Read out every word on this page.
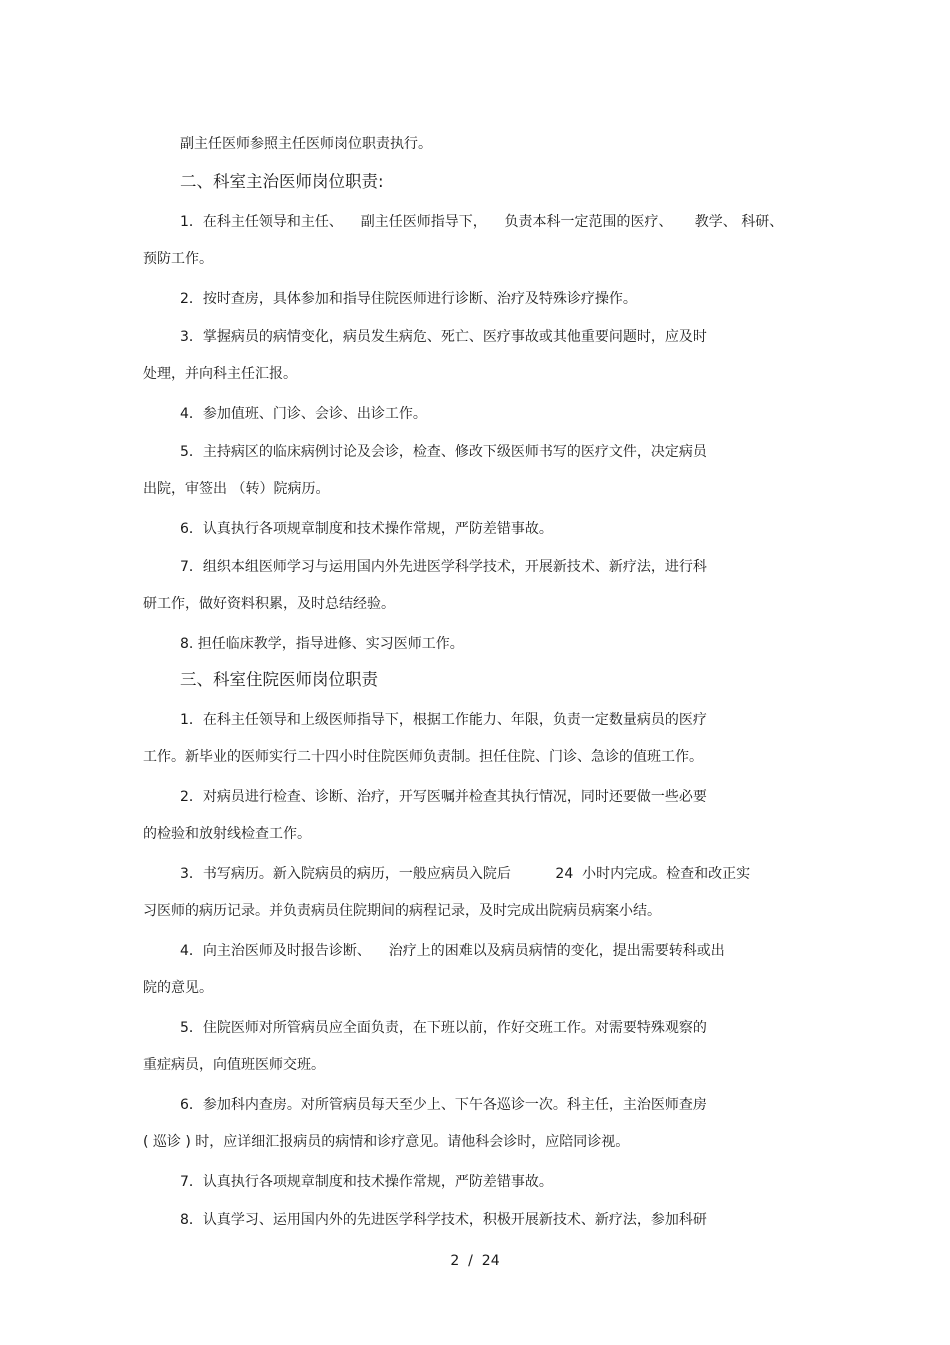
副主任医师参照主任医师岗位职责执行。
二、科室主治医师岗位职责:
1．在科主任领导和主任、    副主任医师指导下，    负责本科一定范围的医疗、     教学、 科研、
预防工作。
2．按时查房，具体参加和指导住院医师进行诊断、治疗及特殊诊疗操作。
3．掌握病员的病情变化，病员发生病危、死亡、医疗事故或其他重要问题时，应及时
处理，并向科主任汇报。
4．参加值班、门诊、会诊、出诊工作。
5．主持病区的临床病例讨论及会诊，检查、修改下级医师书写的医疗文件，决定病员
出院，审签出 （转）院病历。
6．认真执行各项规章制度和技术操作常规，严防差错事故。
7．组织本组医师学习与运用国内外先进医学科学技术，开展新技术、新疗法，进行科
研工作，做好资料积累，及时总结经验。
8. 担任临床教学，指导进修、实习医师工作。
三、科室住院医师岗位职责
1．在科主任领导和上级医师指导下，根据工作能力、年限，负责一定数量病员的医疗
工作。新毕业的医师实行二十四小时住院医师负责制。担任住院、门诊、急诊的值班工作。
2．对病员进行检查、诊断、治疗，开写医嘱并检查其执行情况，同时还要做一些必要
的检验和放射线检查工作。
3．书写病历。新入院病员的病历，一般应病员入院后          24  小时内完成。检查和改正实
习医师的病历记录。并负责病员住院期间的病程记录，及时完成出院病员病案小结。
4．向主治医师及时报告诊断、    治疗上的困难以及病员病情的变化，提出需要转科或出
院的意见。
5．住院医师对所管病员应全面负责，在下班以前，作好交班工作。对需要特殊观察的
重症病员，向值班医师交班。
6．参加科内查房。对所管病员每天至少上、下午各巡诊一次。科主任，主治医师查房
( 巡诊 ) 时，应详细汇报病员的病情和诊疗意见。请他科会诊时，应陪同诊视。
7．认真执行各项规章制度和技术操作常规，严防差错事故。
8．认真学习、运用国内外的先进医学科学技术，积极开展新技术、新疗法，参加科研
2  /  24
